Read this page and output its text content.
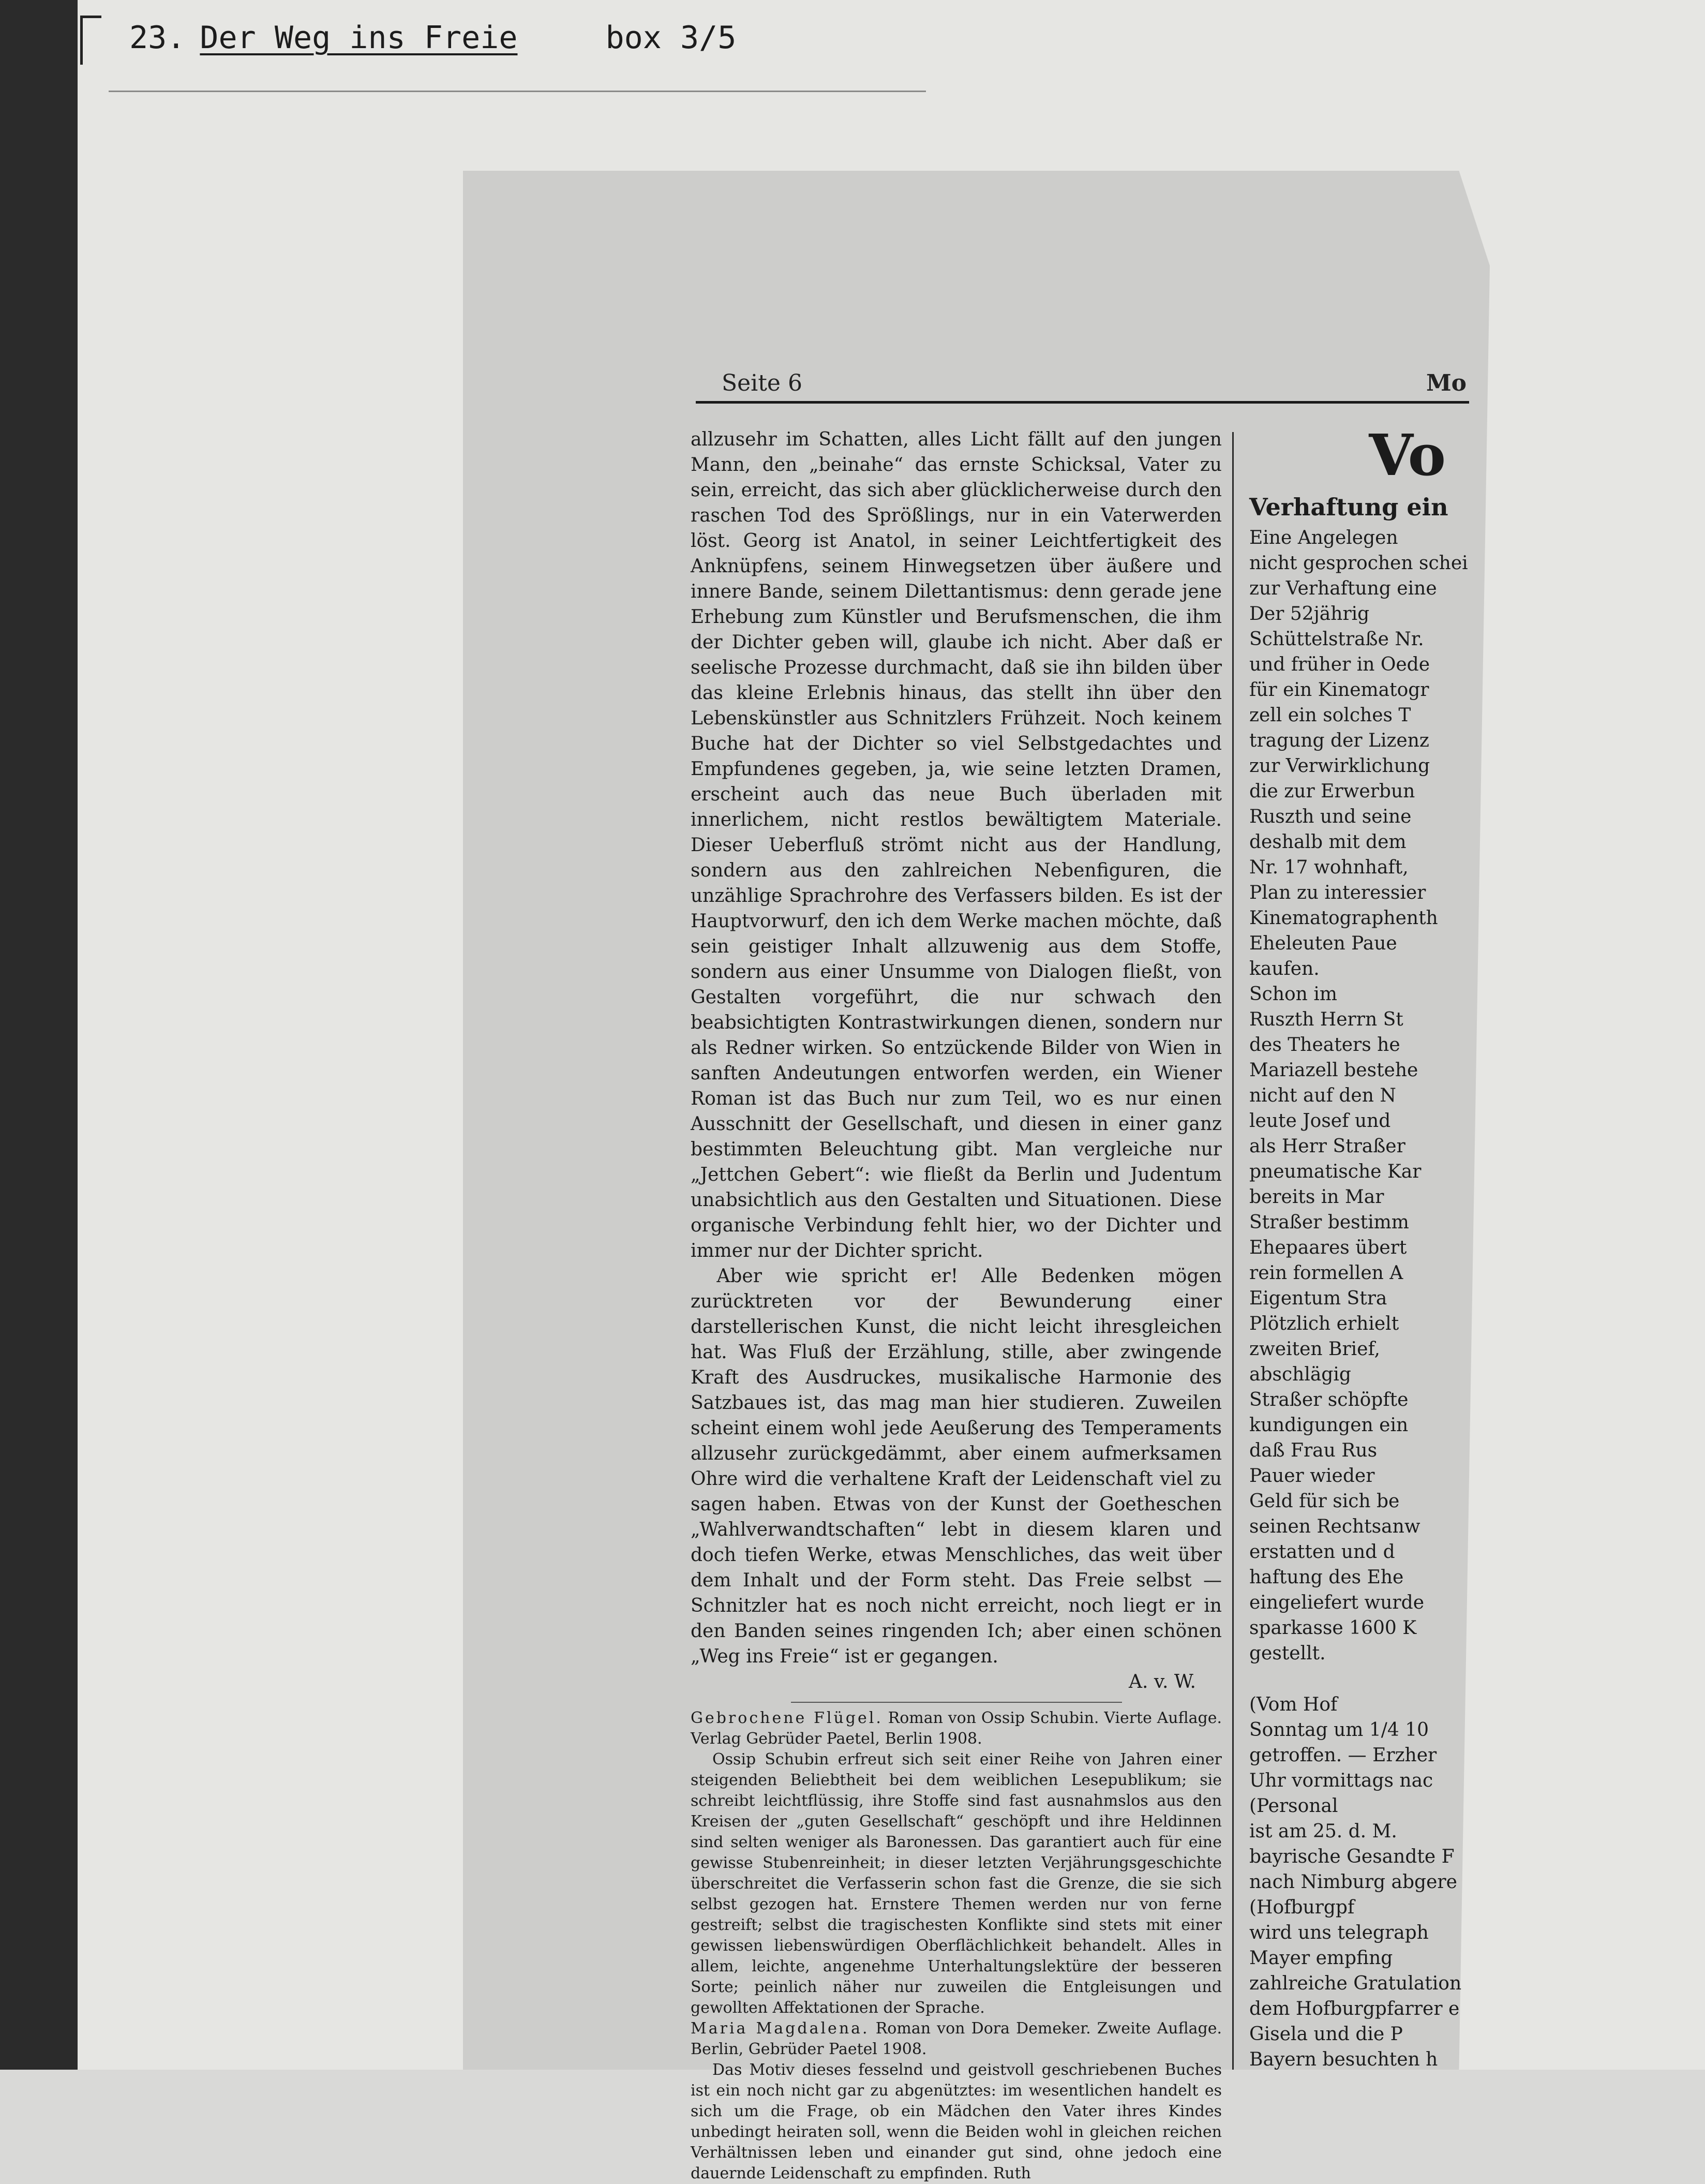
23. Der Weg ins Freie	box 3/5
Seite 6	Mo

allzusehr im Schatten, alles Licht fällt auf den jungen Mann, den „beinahe“ das ernste Schicksal, Vater zu sein, erreicht, das sich aber glücklicherweise durch den raschen Tod des Sprößlings, nur in ein Vaterwerden löst. Georg ist Anatol, in seiner Leichtfertigkeit des Anknüpfens, seinem Hinwegsetzen über äußere und innere Bande, seinem Dilettantismus: denn gerade jene Erhebung zum Künstler und Berufsmenschen, die ihm der Dichter geben will, glaube ich nicht. Aber daß er seelische Prozesse durchmacht, daß sie ihn bilden über das kleine Erlebnis hinaus, das stellt ihn über den Lebenskünstler aus Schnitzlers Frühzeit. Noch keinem Buche hat der Dichter so viel Selbstgedachtes und Empfundenes gegeben, ja, wie seine letzten Dramen, erscheint auch das neue Buch überladen mit innerlichem, nicht restlos bewältigtem Materiale. Dieser Ueberfluß strömt nicht aus der Handlung, sondern aus den zahlreichen Nebenfiguren, die unzählige Sprachrohre des Verfassers bilden. Es ist der Hauptvorwurf, den ich dem Werke machen möchte, daß sein geistiger Inhalt allzuwenig aus dem Stoffe, sondern aus einer Unsumme von Dialogen fließt, von Gestalten vorgeführt, die nur schwach den beabsichtigten Kontrastwirkungen dienen, sondern nur als Redner wirken. So entzückende Bilder von Wien in sanften Andeutungen entworfen werden, ein Wiener Roman ist das Buch nur zum Teil, wo es nur einen Ausschnitt der Gesellschaft, und diesen in einer ganz bestimmten Beleuchtung gibt. Man vergleiche nur „Jettchen Gebert“: wie fließt da Berlin und Judentum unabsichtlich aus den Gestalten und Situationen. Diese organische Verbindung fehlt hier, wo der Dichter und immer nur der Dichter spricht.

Aber wie spricht er! Alle Bedenken mögen zurücktreten vor der Bewunderung einer darstellerischen Kunst, die nicht leicht ihresgleichen hat. Was Fluß der Erzählung, stille, aber zwingende Kraft des Ausdruckes, musikalische Harmonie des Satzbaues ist, das mag man hier studieren. Zuweilen scheint einem wohl jede Aeußerung des Temperaments allzusehr zurückgedämmt, aber einem aufmerksamen Ohre wird die verhaltene Kraft der Leidenschaft viel zu sagen haben. Etwas von der Kunst der Goetheschen „Wahlverwandtschaften“ lebt in diesem klaren und doch tiefen Werke, etwas Menschliches, das weit über dem Inhalt und der Form steht. Das Freie selbst — Schnitzler hat es noch nicht erreicht, noch liegt er in den Banden seines ringenden Ich; aber einen schönen „Weg ins Freie“ ist er gegangen.

A. v. W.

Gebrochene Flügel. Roman von Ossip Schubin. Vierte Auflage. Verlag Gebrüder Paetel, Berlin 1908.

Ossip Schubin erfreut sich seit einer Reihe von Jahren einer steigenden Beliebtheit bei dem weiblichen Lesepublikum; sie schreibt leichtflüssig, ihre Stoffe sind fast ausnahmslos aus den Kreisen der „guten Gesellschaft“ geschöpft und ihre Heldinnen sind selten weniger als Baronessen. Das garantiert auch für eine gewisse Stubenreinheit; in dieser letzten Verjährungsgeschichte überschreitet die Verfasserin schon fast die Grenze, die sie sich selbst gezogen hat. Ernstere Themen werden nur von ferne gestreift; selbst die tragischesten Konflikte sind stets mit einer gewissen liebenswürdigen Oberflächlichkeit behandelt. Alles in allem, leichte, angenehme Unterhaltungslektüre der besseren Sorte; peinlich näher nur zuweilen die Entgleisungen und gewollten Affektationen der Sprache.

Maria Magdalena. Roman von Dora Demeker. Zweite Auflage. Berlin, Gebrüder Paetel 1908.

Das Motiv dieses fesselnd und geistvoll geschriebenen Buches ist ein noch nicht gar zu abgenütztes: im wesentlichen handelt es sich um die Frage, ob ein Mädchen den Vater ihres Kindes unbedingt heiraten soll, wenn die Beiden wohl in gleichen reichen Verhältnissen leben und einander gut sind, ohne jedoch eine dauernde Leidenschaft zu empfinden. Ruth

Vo
Verhaftung ein
Eine Angelegen
nicht gesprochen schei
zur Verhaftung eine
Der 52jährig
Schüttelstraße Nr.
und früher in Oede
für ein Kinematogr
zell ein solches T
tragung der Lizenz
zur Verwirklichung
die zur Erwerbun
Ruszth und seine
deshalb mit dem
Nr. 17 wohnhaft,
Plan zu interessier
Kinematographenth
Eheleuten Paue
kaufen.
Schon im
Ruszth Herrn St
des Theaters he
Mariazell bestehe
nicht auf den N
leute Josef und
als Herr Straßer
pneumatische Kar
bereits in Mar
Straßer bestimm
Ehepaares übert
rein formellen A
Eigentum Stra
Plötzlich erhielt
zweiten Brief,
abschlägig
Straßer schöpfte
kundigungen ein
daß Frau Rus
Pauer wieder
Geld für sich be
seinen Rechtsanw
erstatten und d
haftung des Ehe
eingeliefert wurde
sparkasse 1600 K
gestellt.
(Vom Hof
Sonntag um 1/4 10
getroffen. — Erzher
Uhr vormittags nac
(Personal
ist am 25. d. M.
bayrische Gesandte F
nach Nimburg abgere
(Hofburgpf
wird uns telegraph
Mayer empfing
zahlreiche Gratulation
dem Hofburgpfarrer e
Gisela und die P
Bayern besuchten h
